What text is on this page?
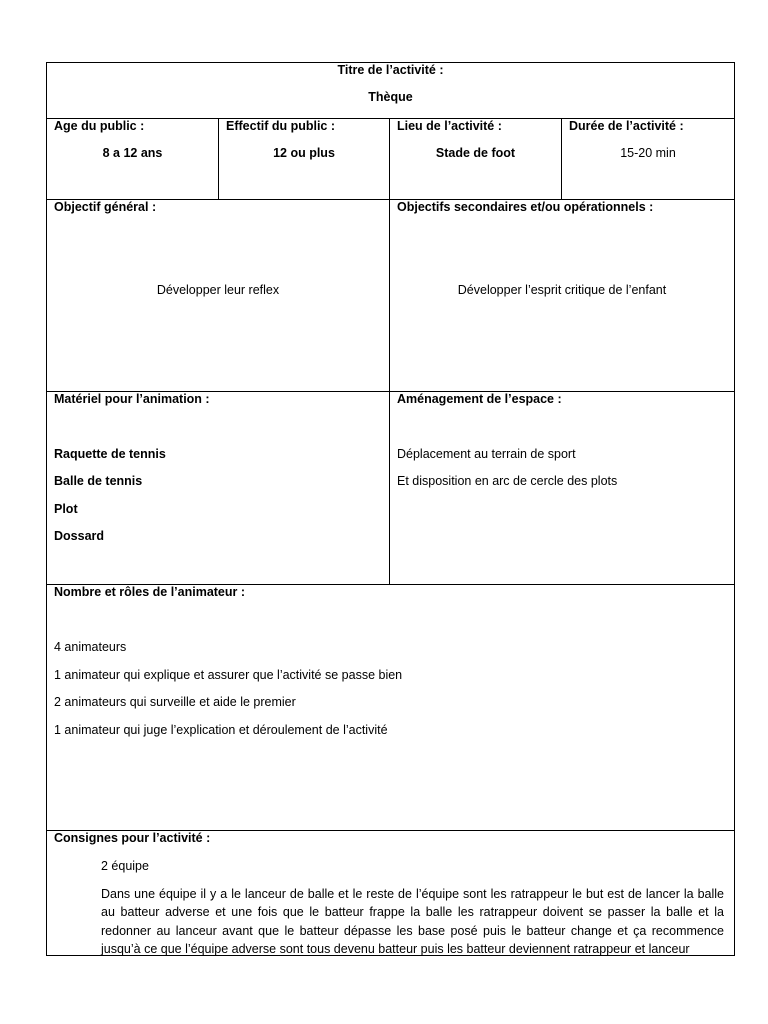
Titre de l’activité :
Thèque
Age du public :
8 a 12 ans
Effectif du public :
12 ou plus
Lieu de l’activité :
Stade de foot
Durée de l’activité :
15-20 min
Objectif général :
Développer leur reflex
Objectifs secondaires et/ou opérationnels :
Développer l’esprit critique de l’enfant
Matériel pour l’animation :
Raquette de tennis
Balle de tennis
Plot
Dossard
Aménagement de l’espace :
Déplacement au terrain de sport
Et disposition en arc de cercle des plots
Nombre et rôles de l’animateur :
4 animateurs
1 animateur qui explique et assurer que l’activité se passe bien
2 animateurs qui surveille et aide le premier
1 animateur qui juge l’explication et déroulement de l’activité
Consignes pour l’activité :
2 équipe
Dans une équipe il y a le lanceur de balle et le reste de l’équipe sont les ratrappeur le but est de lancer la balle au batteur adverse et une fois que le batteur frappe la balle les ratrappeur doivent se passer la balle et la redonner au lanceur avant que le batteur dépasse les base posé puis le batteur change et ça recommence jusqu’à ce que l’équipe adverse sont tous devenu batteur puis les batteur deviennent ratrappeur et lanceur
